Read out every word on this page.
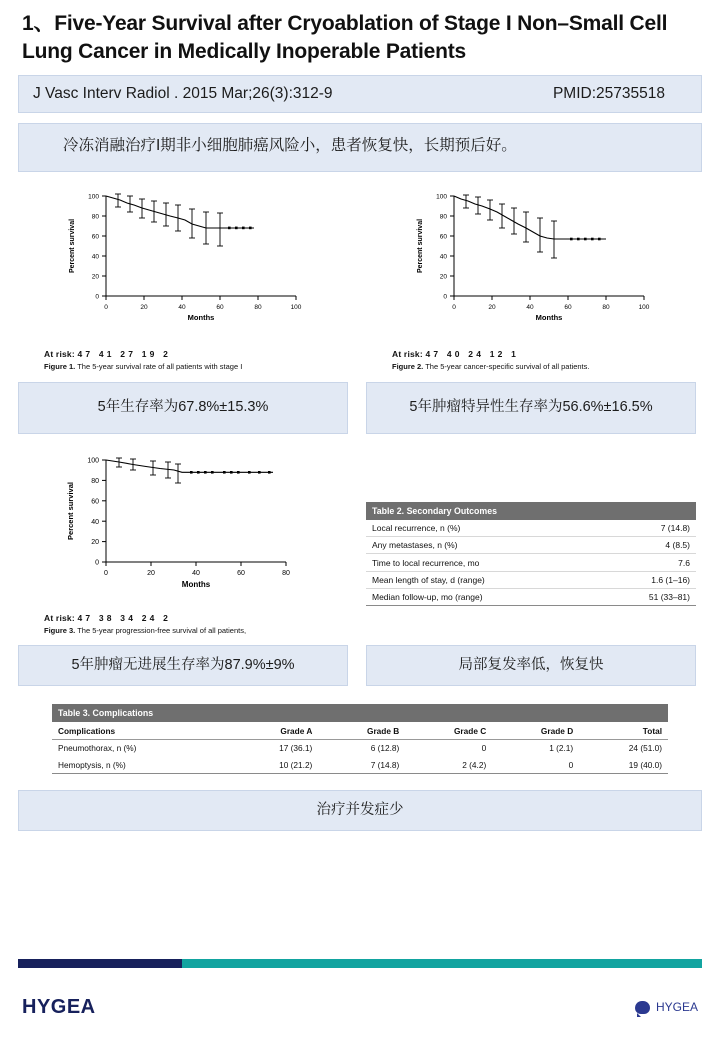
1、Five-Year Survival after Cryoablation of Stage I Non–Small Cell Lung Cancer in Medically Inoperable Patients
J Vasc Interv Radiol . 2015 Mar;26(3):312-9	PMID:25735518
冷冻消融治疗I期非小细胞肺癌风险小，患者恢复快，长期预后好。
100
80
60
40
20
0
0	20	40	60	80	100
Percent survival
Months
At risk: 47 41 27 19 2
Figure 1. The 5-year survival rate of all patients with stage I
100
80
60
40
20
0
0	20	40	60	80	100
Percent survival
Months
At risk: 47 40 24 12 1
Figure 2. The 5-year cancer-specific survival of all patients.
5年生存率为67.8%±15.3%	5年肿瘤特异性生存率为56.6%±16.5%
100
80
60
40
20
0
0	20	40	60	80
Percent survival
Months
At risk: 47 38 34 24 2
Figure 3. The 5-year progression-free survival of all patients,
Table 2. Secondary Outcomes
Local recurrence, n (%)	7 (14.8)
Any metastases, n (%)	4 (8.5)
Time to local recurrence, mo	7.6
Mean length of stay, d (range)	1.6 (1–16)
Median follow-up, mo (range)	51 (33–81)
5年肿瘤无进展生存率为87.9%±9%	局部复发率低，恢复快
Table 3. Complications
Complications	Grade A	Grade B	Grade C	Grade D	Total
Pneumothorax, n (%)	17 (36.1)	6 (12.8)	0	1 (2.1)	24 (51.0)
Hemoptysis, n (%)	10 (21.2)	7 (14.8)	2 (4.2)	0	19 (40.0)
治疗并发症少
HYGEA	HYGEA
